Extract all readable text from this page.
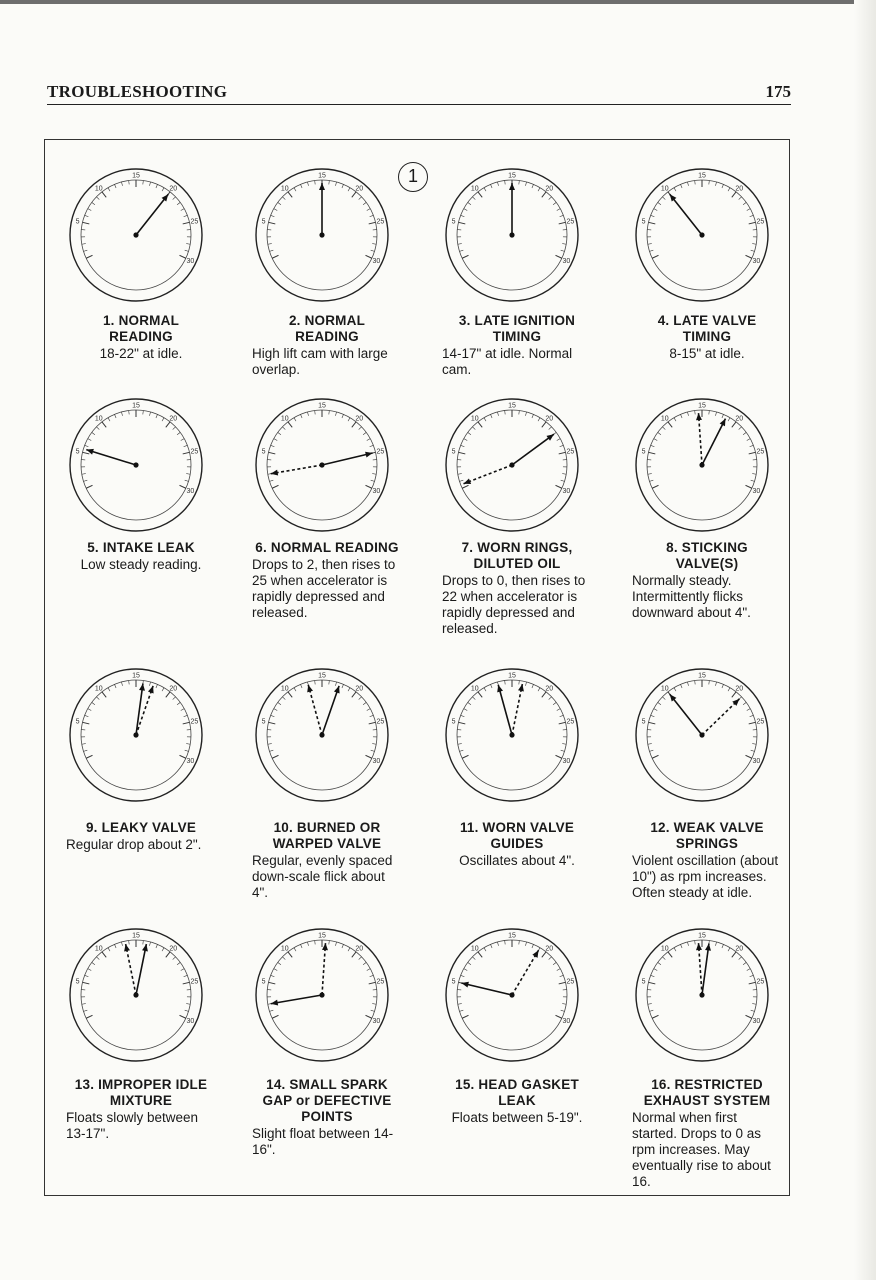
TROUBLESHOOTING	175
1
5
10
15
20
25
30
1. NORMAL
READING
18-22" at idle.
5
10
15
20
25
30
2. NORMAL
READING
High lift cam with large overlap.
5
10
15
20
25
30
3. LATE IGNITION
TIMING
14-17" at idle. Normal cam.
5
10
15
20
25
30
4. LATE VALVE
TIMING
8-15" at idle.
5
10
15
20
25
30
5. INTAKE LEAK
Low steady reading.
5
10
15
20
25
30
6. NORMAL READING
Drops to 2, then rises to 25 when accelerator is rapidly depressed and released.
5
10
15
20
25
30
7. WORN RINGS,
DILUTED OIL
Drops to 0, then rises to 22 when accelerator is rapidly depressed and released.
5
10
15
20
25
30
8. STICKING
VALVE(S)
Normally steady. Intermittently flicks downward about 4".
5
10
15
20
25
30
9. LEAKY VALVE
Regular drop about 2".
5
10
15
20
25
30
10. BURNED OR
WARPED VALVE
Regular, evenly spaced down-scale flick about 4".
5
10
15
20
25
30
11. WORN VALVE
GUIDES
Oscillates about 4".
5
10
15
20
25
30
12. WEAK VALVE
SPRINGS
Violent oscillation (about 10") as rpm increases. Often steady at idle.
5
10
15
20
25
30
13. IMPROPER IDLE
MIXTURE
Floats slowly between 13-17".
5
10
15
20
25
30
14. SMALL SPARK
GAP or DEFECTIVE
POINTS
Slight float between 14-16".
5
10
15
20
25
30
15. HEAD GASKET
LEAK
Floats between 5-19".
5
10
15
20
25
30
16. RESTRICTED
EXHAUST SYSTEM
Normal when first started. Drops to 0 as rpm increases. May eventually rise to about 16.
